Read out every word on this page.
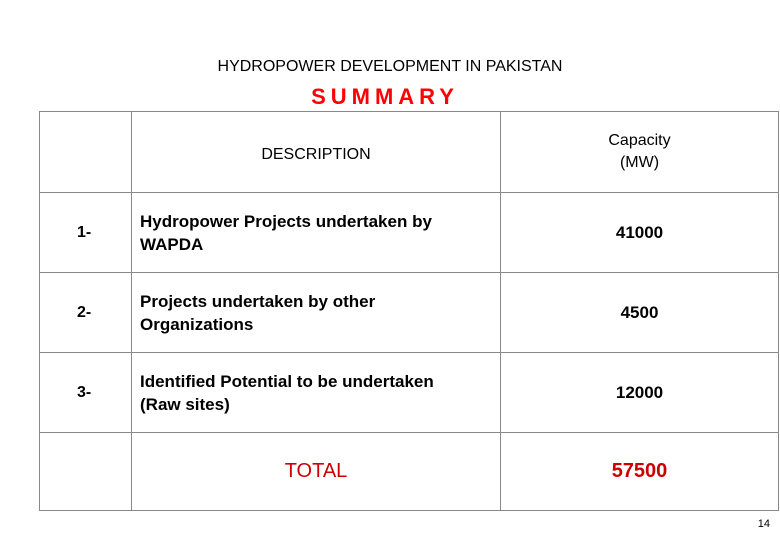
HYDROPOWER DEVELOPMENT IN PAKISTAN
SUMMARY
	DESCRIPTION	Capacity
(MW)

1-	Hydropower Projects undertaken by
WAPDA	41000
2-	Projects undertaken by other
Organizations	4500
3-	Identified Potential to be undertaken
(Raw sites)	12000
	TOTAL	57500
14
